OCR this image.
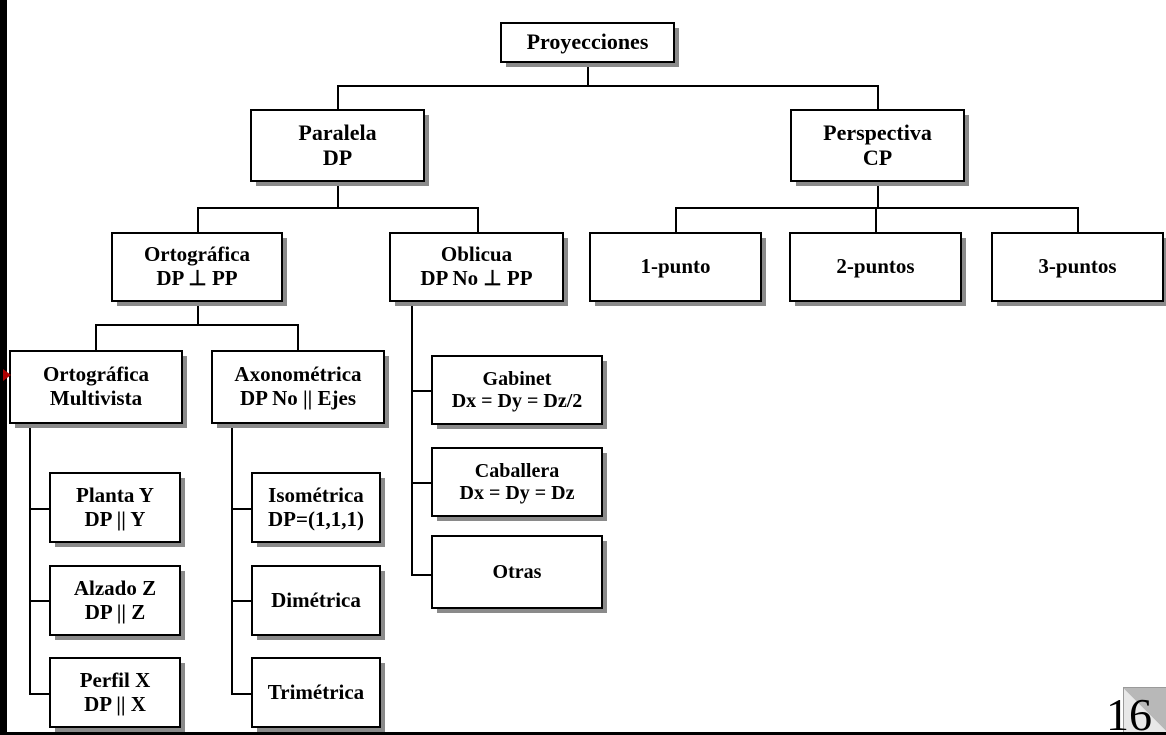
Proyecciones
Paralela
DP
Perspectiva
CP
Ortográfica
DP ⊥ PP
Oblicua
DP No ⊥ PP	1-punto	2-puntos	3-puntos
Ortográfica
Multivista
Axonométrica
DP No || Ejes
Gabinet
Dx = Dy = Dz/2
Caballera
Dx = Dy = Dz
Otras
Planta Y
DP || Y
Alzado Z
DP || Z
Perfil X
DP || X
Isométrica
DP=(1,1,1)
Dimétrica
Trimétrica	16
